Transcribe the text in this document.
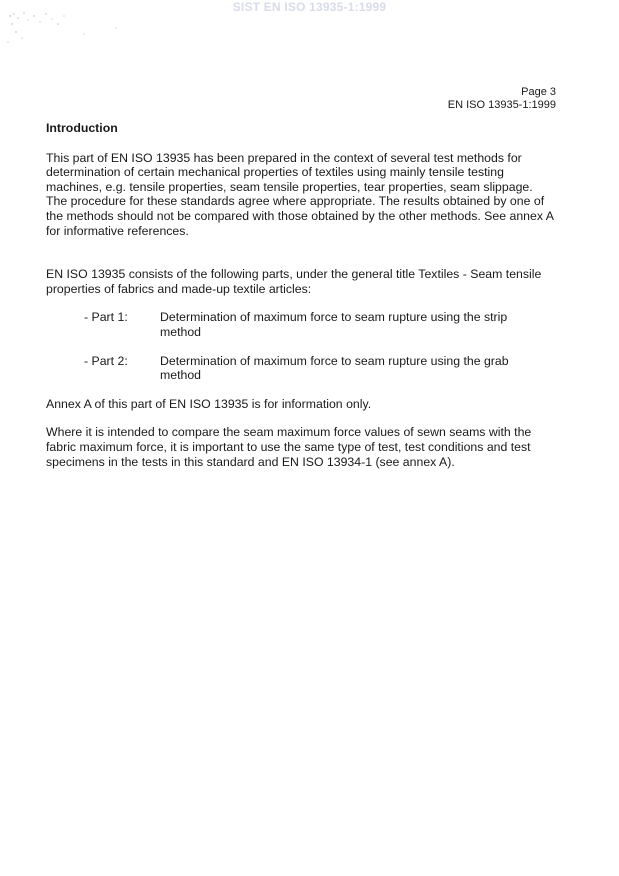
SIST EN ISO 13935-1:1999
Page 3
EN ISO 13935-1:1999
Introduction

This part of EN ISO 13935 has been prepared in the context of several test methods for determination of certain mechanical properties of textiles using mainly tensile testing machines, e.g. tensile properties, seam tensile properties, tear properties, seam slippage. The procedure for these standards agree where appropriate. The results obtained by one of the methods should not be compared with those obtained by the other methods. See annex A for informative references.

EN ISO 13935 consists of the following parts, under the general title Textiles - Seam tensile properties of fabrics and made-up textile articles:

- Part 1:	Determination of maximum force to seam rupture using the strip method
- Part 2:	Determination of maximum force to seam rupture using the grab method

Annex A of this part of EN ISO 13935 is for information only.

Where it is intended to compare the seam maximum force values of sewn seams with the fabric maximum force, it is important to use the same type of test, test conditions and test specimens in the tests in this standard and EN ISO 13934-1 (see annex A).
